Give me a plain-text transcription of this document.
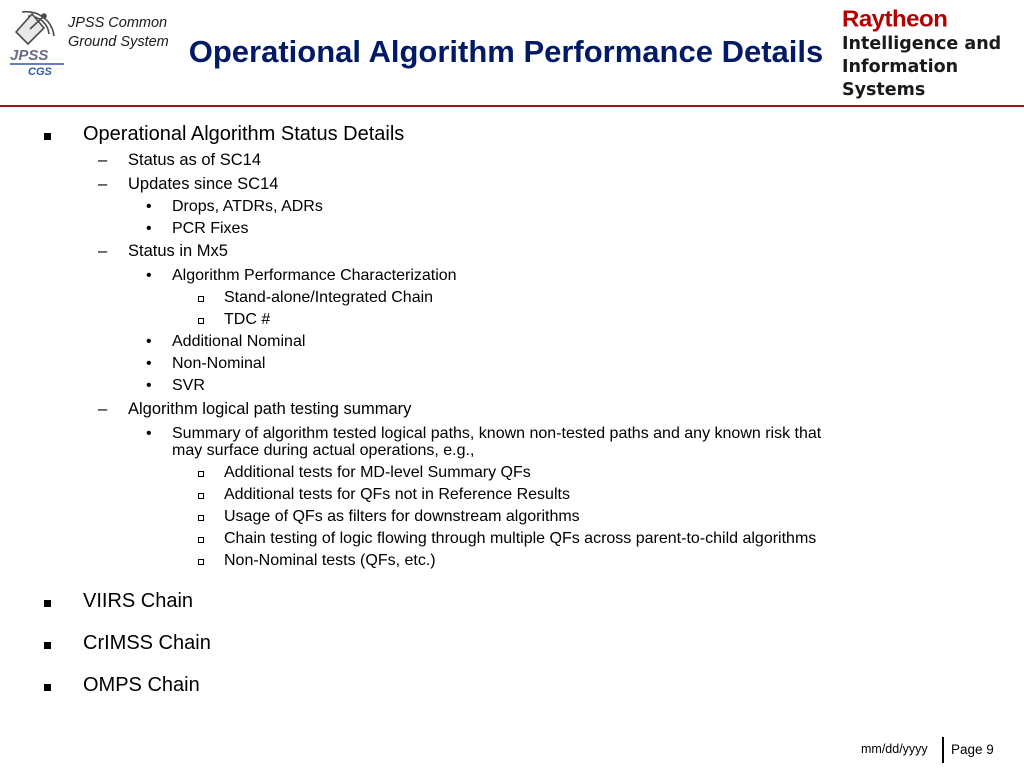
JPSS
CGS
JPSS Common
Ground System Operational Algorithm Performance Details
Raytheon
Intelligence and
Information Systems
Operational Algorithm Status Details
– Status as of SC14
– Updates since SC14
• Drops, ATDRs, ADRs
• PCR Fixes
– Status in Mx5
• Algorithm Performance Characterization
Stand-alone/Integrated Chain
TDC #
• Additional Nominal
• Non-Nominal
• SVR
– Algorithm logical path testing summary
• Summary of algorithm tested logical paths, known non-tested paths and any known risk that
may surface during actual operations, e.g.,
Additional tests for MD-level Summary QFs
Additional tests for QFs not in Reference Results
Usage of QFs as filters for downstream algorithms
Chain testing of logic flowing through multiple QFs across parent-to-child algorithms
Non-Nominal tests (QFs, etc.)
VIIRS Chain
CrIMSS Chain
OMPS Chain
mm/dd/yyyy Page 9
